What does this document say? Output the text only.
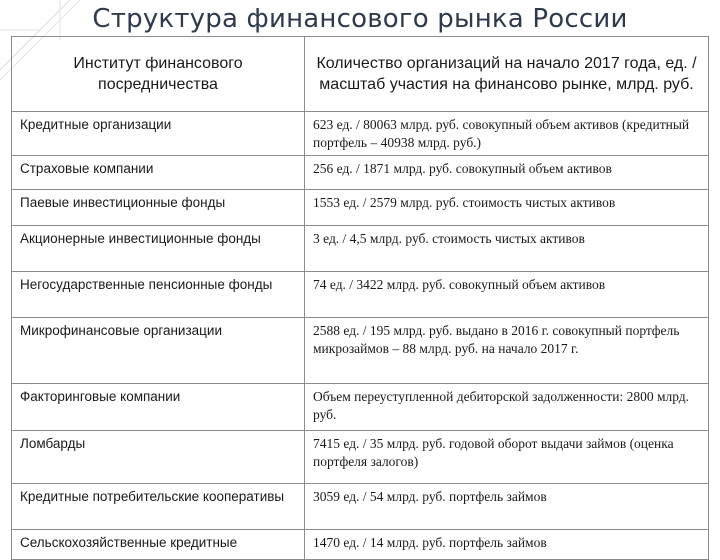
Структура финансового рынка России
Институт финансового посредничества	Количество организаций на начало 2017 года, ед. / масштаб участия на финансово рынке, млрд. руб.
Кредитные организации	623 ед. / 80063 млрд. руб. совокупный объем активов (кредитный портфель – 40938 млрд. руб.)
Страховые компании	256 ед. / 1871 млрд. руб. совокупный объем активов
Паевые инвестиционные фонды	1553 ед. / 2579 млрд. руб. стоимость чистых активов
Акционерные инвестиционные фонды	3 ед. / 4,5 млрд. руб. стоимость чистых активов
Негосударственные пенсионные фонды	74 ед. / 3422 млрд. руб. совокупный объем активов
Микрофинансовые организации	2588 ед. / 195 млрд. руб. выдано в 2016 г. совокупный портфель микрозаймов – 88 млрд. руб. на начало 2017 г.
Факторинговые компании	Объем переуступленной дебиторской задолженности: 2800 млрд. руб.
Ломбарды	7415 ед. / 35 млрд. руб. годовой оборот выдачи займов (оценка портфеля залогов)
Кредитные потребительские кооперативы	3059 ед. / 54 млрд. руб. портфель займов
Сельскохозяйственные кредитные	1470 ед. / 14 млрд. руб. портфель займов
